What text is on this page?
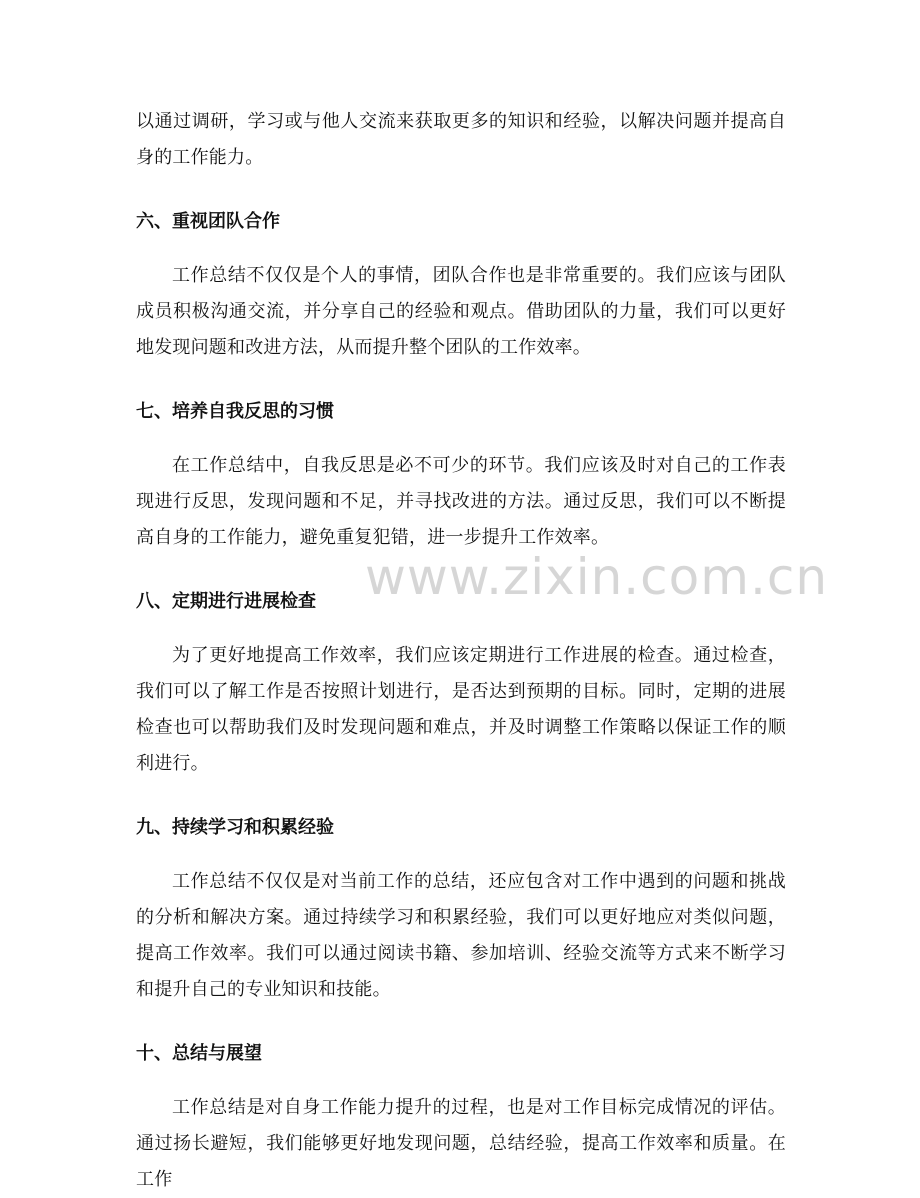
www.zixin.com.cn

以通过调研，学习或与他人交流来获取更多的知识和经验，以解决问题并提高自身的工作能力。

六、重视团队合作

工作总结不仅仅是个人的事情，团队合作也是非常重要的。我们应该与团队成员积极沟通交流，并分享自己的经验和观点。借助团队的力量，我们可以更好地发现问题和改进方法，从而提升整个团队的工作效率。

七、培养自我反思的习惯

在工作总结中，自我反思是必不可少的环节。我们应该及时对自己的工作表现进行反思，发现问题和不足，并寻找改进的方法。通过反思，我们可以不断提高自身的工作能力，避免重复犯错，进一步提升工作效率。

八、定期进行进展检查

为了更好地提高工作效率，我们应该定期进行工作进展的检查。通过检查，我们可以了解工作是否按照计划进行，是否达到预期的目标。同时，定期的进展检查也可以帮助我们及时发现问题和难点，并及时调整工作策略以保证工作的顺利进行。

九、持续学习和积累经验

工作总结不仅仅是对当前工作的总结，还应包含对工作中遇到的问题和挑战的分析和解决方案。通过持续学习和积累经验，我们可以更好地应对类似问题，提高工作效率。我们可以通过阅读书籍、参加培训、经验交流等方式来不断学习和提升自己的专业知识和技能。

十、总结与展望

工作总结是对自身工作能力提升的过程，也是对工作目标完成情况的评估。通过扬长避短，我们能够更好地发现问题，总结经验，提高工作效率和质量。在工作
